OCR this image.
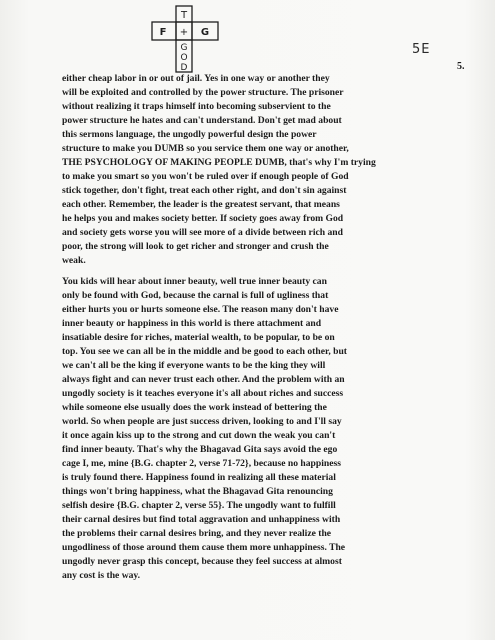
T
F + G
G
O
D
5E
5.
either cheap labor in or out of jail. Yes in one way or another they
will be exploited and controlled by the power structure. The prisoner
without realizing it traps himself into becoming subservient to the
power structure he hates and can't understand. Don't get mad about
this sermons language, the ungodly powerful design the power
structure to make you DUMB so you service them one way or another,
THE PSYCHOLOGY OF MAKING PEOPLE DUMB, that's why I'm trying
to make you smart so you won't be ruled over if enough people of God
stick together, don't fight, treat each other right, and don't sin against
each other. Remember, the leader is the greatest servant, that means
he helps you and makes society better. If society goes away from God
and society gets worse you will see more of a divide between rich and
poor, the strong will look to get richer and stronger and crush the
weak.
You kids will hear about inner beauty, well true inner beauty can
only be found with God, because the carnal is full of ugliness that
either hurts you or hurts someone else. The reason many don't have
inner beauty or happiness in this world is there attachment and
insatiable desire for riches, material wealth, to be popular, to be on
top. You see we can all be in the middle and be good to each other, but
we can't all be the king if everyone wants to be the king they will
always fight and can never trust each other. And the problem with an
ungodly society is it teaches everyone it's all about riches and success
while someone else usually does the work instead of bettering the
world. So when people are just success driven, looking to and I'll say
it once again kiss up to the strong and cut down the weak you can't
find inner beauty. That's why the Bhagavad Gita says avoid the ego
cage I, me, mine {B.G. chapter 2, verse 71-72}, because no happiness
is truly found there. Happiness found in realizing all these material
things won't bring happiness, what the Bhagavad Gita renouncing
selfish desire {B.G. chapter 2, verse 55}. The ungodly want to fulfill
their carnal desires but find total aggravation and unhappiness with
the problems their carnal desires bring, and they never realize the
ungodliness of those around them cause them more unhappiness. The
ungodly never grasp this concept, because they feel success at almost
any cost is the way.
